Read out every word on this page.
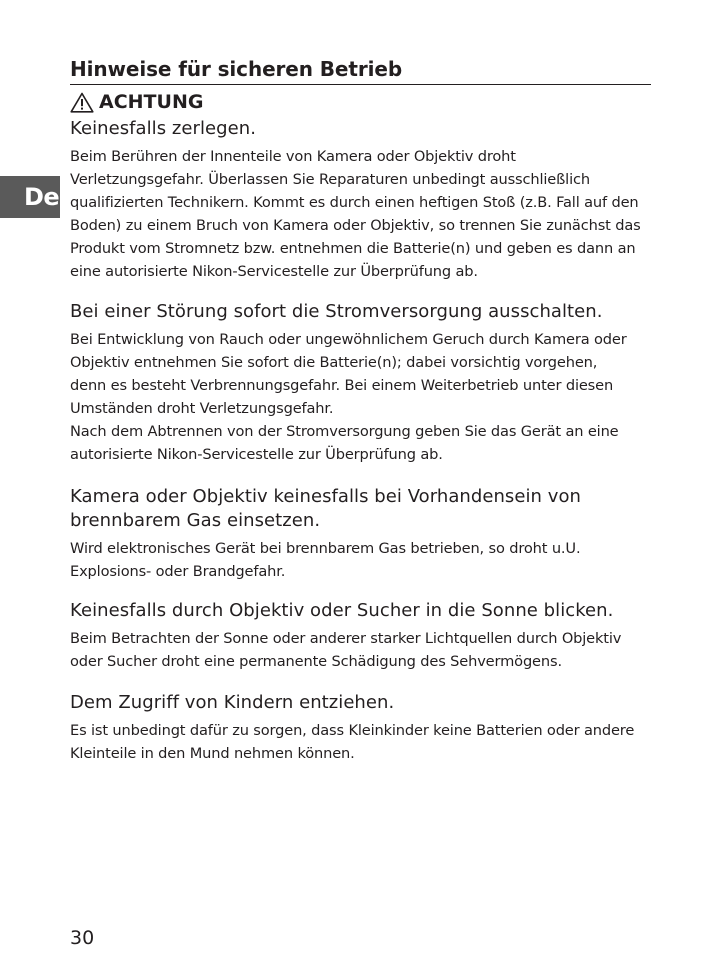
Hinweise für sicheren Betrieb
De
ACHTUNG
Keinesfalls zerlegen.

Beim Berühren der Innenteile von Kamera oder Objektiv droht
Verletzungsgefahr. Überlassen Sie Reparaturen unbedingt ausschließlich
qualifizierten Technikern. Kommt es durch einen heftigen Stoß (z.B. Fall auf den
Boden) zu einem Bruch von Kamera oder Objektiv, so trennen Sie zunächst das
Produkt vom Stromnetz bzw. entnehmen die Batterie(n) und geben es dann an
eine autorisierte Nikon-Servicestelle zur Überprüfung ab.

Bei einer Störung sofort die Stromversorgung ausschalten.

Bei Entwicklung von Rauch oder ungewöhnlichem Geruch durch Kamera oder
Objektiv entnehmen Sie sofort die Batterie(n); dabei vorsichtig vorgehen,
denn es besteht Verbrennungsgefahr. Bei einem Weiterbetrieb unter diesen
Umständen droht Verletzungsgefahr.
Nach dem Abtrennen von der Stromversorgung geben Sie das Gerät an eine
autorisierte Nikon-Servicestelle zur Überprüfung ab.

Kamera oder Objektiv keinesfalls bei Vorhandensein von
brennbarem Gas einsetzen.

Wird elektronisches Gerät bei brennbarem Gas betrieben, so droht u.U.
Explosions- oder Brandgefahr.

Keinesfalls durch Objektiv oder Sucher in die Sonne blicken.

Beim Betrachten der Sonne oder anderer starker Lichtquellen durch Objektiv
oder Sucher droht eine permanente Schädigung des Sehvermögens.

Dem Zugriff von Kindern entziehen.

Es ist unbedingt dafür zu sorgen, dass Kleinkinder keine Batterien oder andere
Kleinteile in den Mund nehmen können.

30
